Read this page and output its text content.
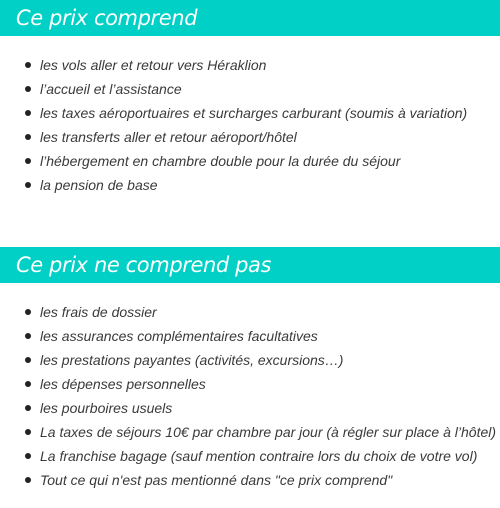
Ce prix comprend
les vols aller et retour vers Héraklion
l’accueil et l’assistance
les taxes aéroportuaires et surcharges carburant (soumis à variation)
les transferts aller et retour aéroport/hôtel
l’hébergement en chambre double pour la durée du séjour
la pension de base
Ce prix ne comprend pas
les frais de dossier
les assurances complémentaires facultatives
les prestations payantes (activités, excursions…)
les dépenses personnelles
les pourboires usuels
La taxes de séjours 10€ par chambre par jour (à régler sur place à l’hôtel)
La franchise bagage (sauf mention contraire lors du choix de votre vol)
Tout ce qui n'est pas mentionné dans "ce prix comprend"
